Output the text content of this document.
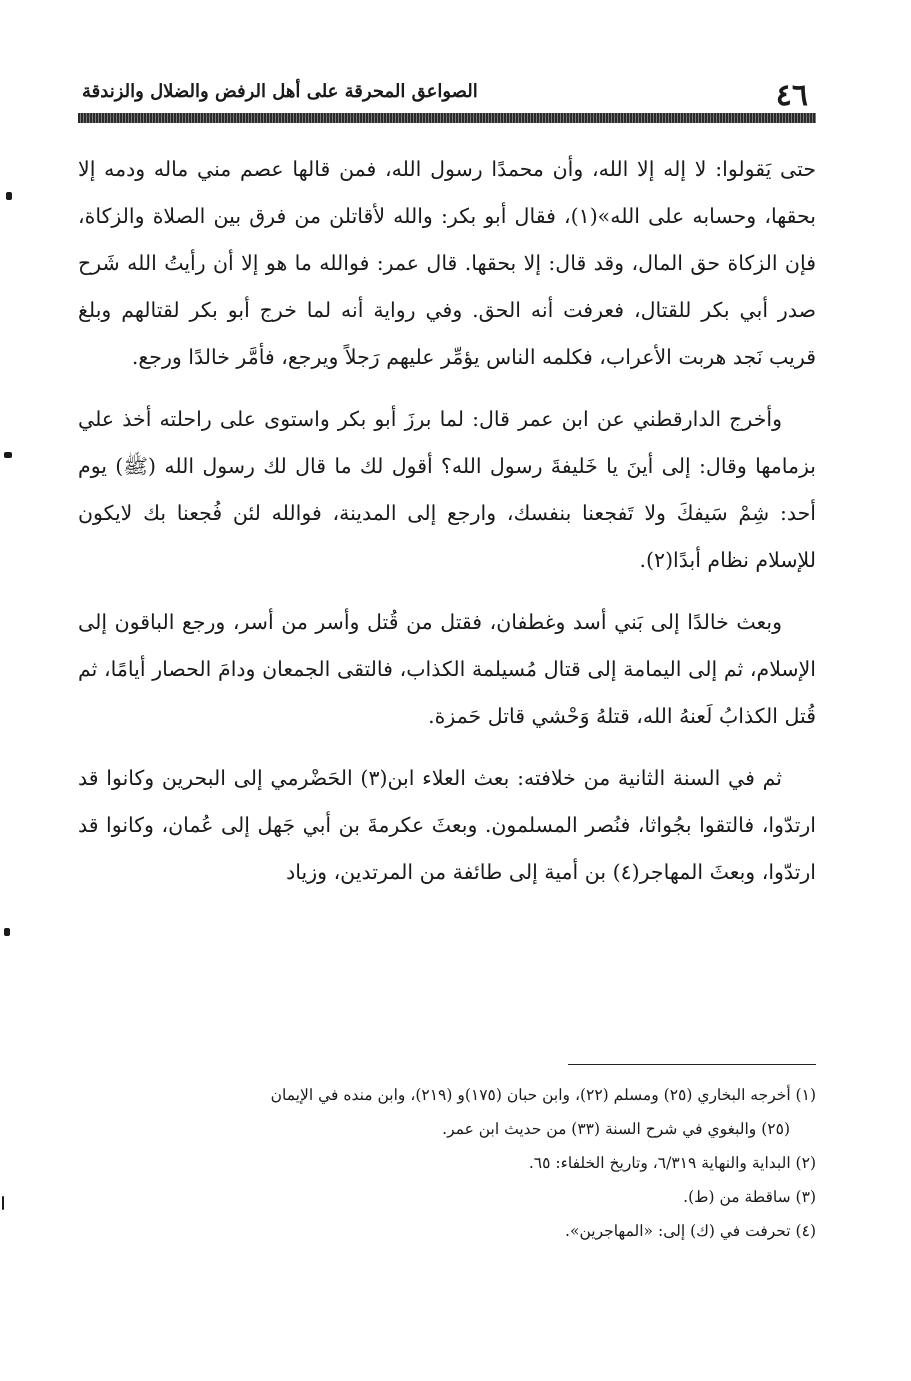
٤٦
الصواعق المحرقة على أهل الرفض والضلال والزندقة

حتى يَقولوا: لا إله إلا الله، وأن محمدًا رسول الله، فمن قالها عصم مني ماله ودمه إلا بحقها، وحسابه على الله»(١)، فقال أبو بكر: والله لأقاتلن من فرق بين الصلاة والزكاة، فإن الزكاة حق المال، وقد قال: إلا بحقها. قال عمر: فوالله ما هو إلا أن رأيتُ الله شَرح صدر أبي بكر للقتال، فعرفت أنه الحق. وفي رواية أنه لما خرج أبو بكر لقتالهم وبلغ قريب نَجد هربت الأعراب، فكلمه الناس يؤمِّر عليهم رَجلاً ويرجع، فأمَّر خالدًا ورجع.

وأخرج الدارقطني عن ابن عمر قال: لما برزَ أبو بكر واستوى على راحلته أخذ علي بزمامها وقال: إلى أينَ يا خَليفةَ رسول الله؟ أقول لك ما قال لك رسول الله (ﷺ) يوم أحد: شِمْ سَيفكَ ولا تَفجعنا بنفسك، وارجع إلى المدينة، فوالله لئن فُجعنا بك لايكون للإسلام نظام أبدًا(٢).

وبعث خالدًا إلى بَني أسد وغطفان، فقتل من قُتل وأسر من أسر، ورجع الباقون إلى الإسلام، ثم إلى اليمامة إلى قتال مُسيلمة الكذاب، فالتقى الجمعان ودامَ الحصار أيامًا، ثم قُتل الكذابُ لَعنهُ الله، قتلهُ وَحْشي قاتل حَمزة.

ثم في السنة الثانية من خلافته: بعث العلاء ابن(٣) الحَضْرمي إلى البحرين وكانوا قد ارتدّوا، فالتقوا بجُواثا، فنُصر المسلمون. وبعثَ عكرمةَ بن أبي جَهل إلى عُمان، وكانوا قد ارتدّوا، وبعثَ المهاجر(٤) بن أمية إلى طائفة من المرتدين، وزياد

(١) أخرجه البخاري (٢٥) ومسلم (٢٢)، وابن حبان (١٧٥)و (٢١٩)، وابن منده في الإيمان
(٢٥) والبغوي في شرح السنة (٣٣) من حديث ابن عمر.
(٢) البداية والنهاية ٦/٣١٩، وتاريخ الخلفاء: ٦٥.
(٣) ساقطة من (ط).
(٤) تحرفت في (ك) إلى: «المهاجرين».
